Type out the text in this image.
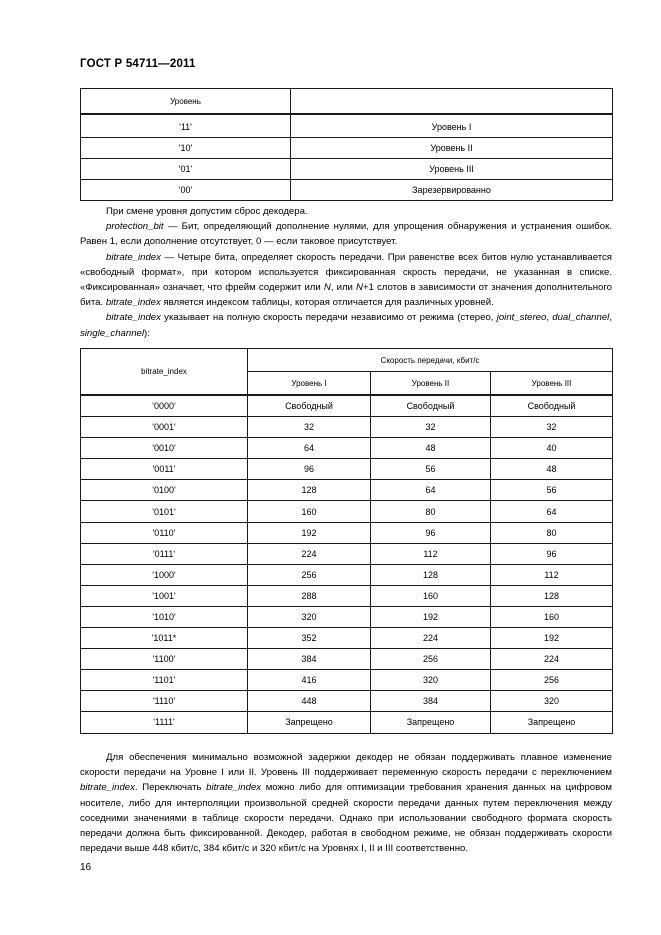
ГОСТ Р 54711—2011
Уровень	
'11'	Уровень I
'10'	Уровень II
'01'	Уровень III
'00'	Зарезервированно

При смене уровня допустим сброс декодера.

protection_bit — Бит, определяющий дополнение нулями, для упрощения обнаружения и устранения ошибок. Равен 1, если дополнение отсутствует, 0 — если таковое присутствует.

bitrate_index — Четыре бита, определяет скорость передачи. При равенстве всех битов нулю устанавливается «свободный формат», при котором используется фиксированная скрость передачи, не указанная в списке. «Фиксированная» означает, что фрейм содержит или N, или N+1 слотов в зависимости от значения дополнительного бита. bitrate_index является индексом таблицы, которая отличается для различных уровней.

bitrate_index указывает на полную скорость передачи независимо от режима (стерео, joint_stereo, dual_channel, single_channel):

bitrate_index	Скорость передачи, кбит/с		
	Уровень I	Уровень II	Уровень III
'0000'	Свободный	Свободный	Свободный
'0001'	32	32	32
'0010'	64	48	40
'0011'	96	56	48
'0100'	128	64	56
'0101'	160	80	64
'0110'	192	96	80
'0111'	224	112	96
'1000'	256	128	112
'1001'	288	160	128
'1010'	320	192	160
'1011*	352	224	192
'1100'	384	256	224
'1101'	416	320	256
'1110'	448	384	320
'1111'	Запрещено	Запрещено	Запрещено

Для обеспечения минимально возможной задержки декодер не обязан поддерживать плавное изменение скорости передачи на Уровне I или II. Уровень III поддерживает переменную скорость передачи с переключением bitrate_index. Переключать bitrate_index можно либо для оптимизации требования хранения данных на цифровом носителе, либо для интерполяции произвольной средней скорости передачи данных путем переключения между соседними значениями в таблице скорости передачи. Однако при использовании свободного формата скорость передачи должна быть фиксированной. Декодер, работая в свободном режиме, не обязан поддерживать скорости передачи выше 448 кбит/с, 384 кбит/с и 320 кбит/с на Уровнях I, II и III соответственно.

16
